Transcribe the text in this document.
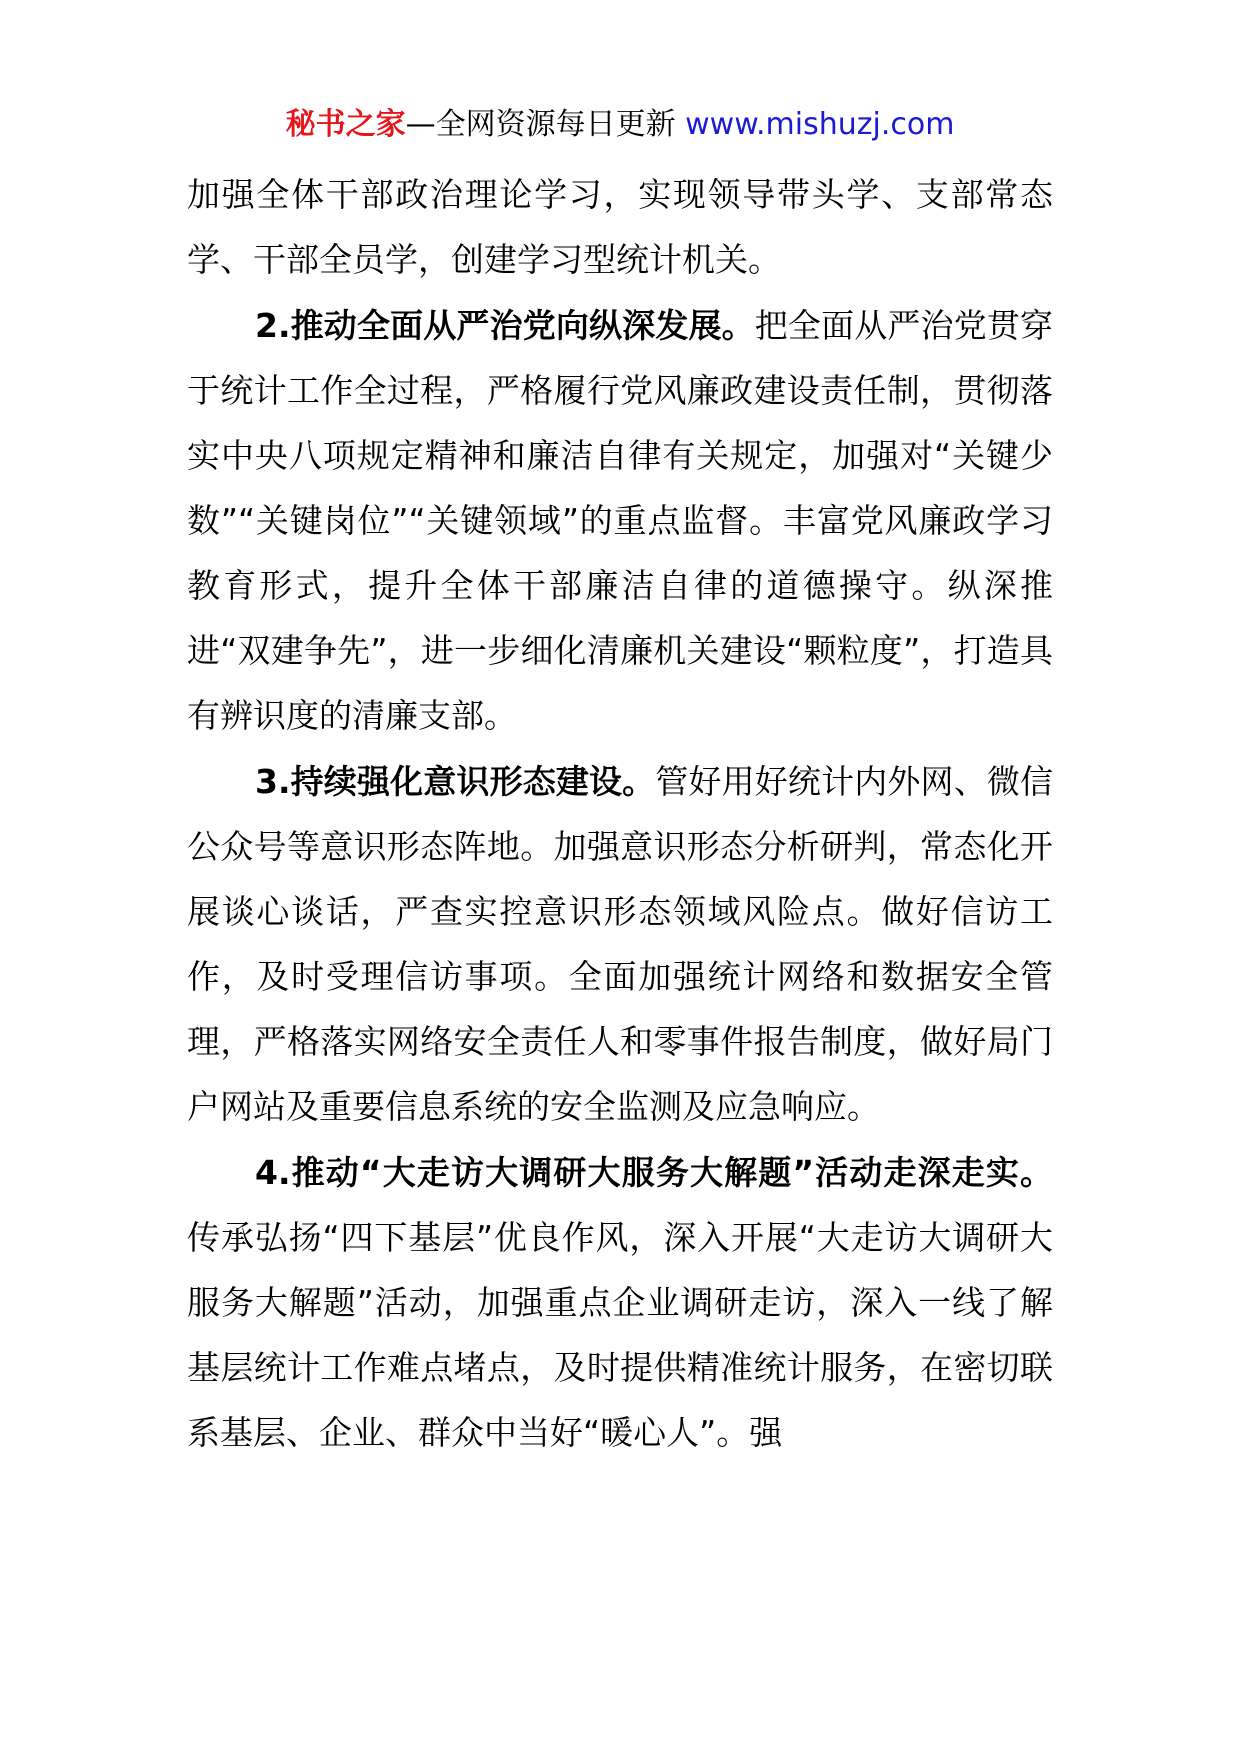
秘书之家—全网资源每日更新 www.mishuzj.com

加强全体干部政治理论学习，实现领导带头学、支部常态学、干部全员学，创建学习型统计机关。

2.推动全面从严治党向纵深发展。把全面从严治党贯穿于统计工作全过程，严格履行党风廉政建设责任制，贯彻落实中央八项规定精神和廉洁自律有关规定，加强对“关键少数”“关键岗位”“关键领域”的重点监督。丰富党风廉政学习教育形式，提升全体干部廉洁自律的道德操守。纵深推进“双建争先”，进一步细化清廉机关建设“颗粒度”，打造具有辨识度的清廉支部。

3.持续强化意识形态建设。管好用好统计内外网、微信公众号等意识形态阵地。加强意识形态分析研判，常态化开展谈心谈话，严查实控意识形态领域风险点。做好信访工作，及时受理信访事项。全面加强统计网络和数据安全管理，严格落实网络安全责任人和零事件报告制度，做好局门户网站及重要信息系统的安全监测及应急响应。

4.推动“大走访大调研大服务大解题”活动走深走实。传承弘扬“四下基层”优良作风，深入开展“大走访大调研大服务大解题”活动，加强重点企业调研走访，深入一线了解基层统计工作难点堵点，及时提供精准统计服务，在密切联系基层、企业、群众中当好“暖心人”。强
